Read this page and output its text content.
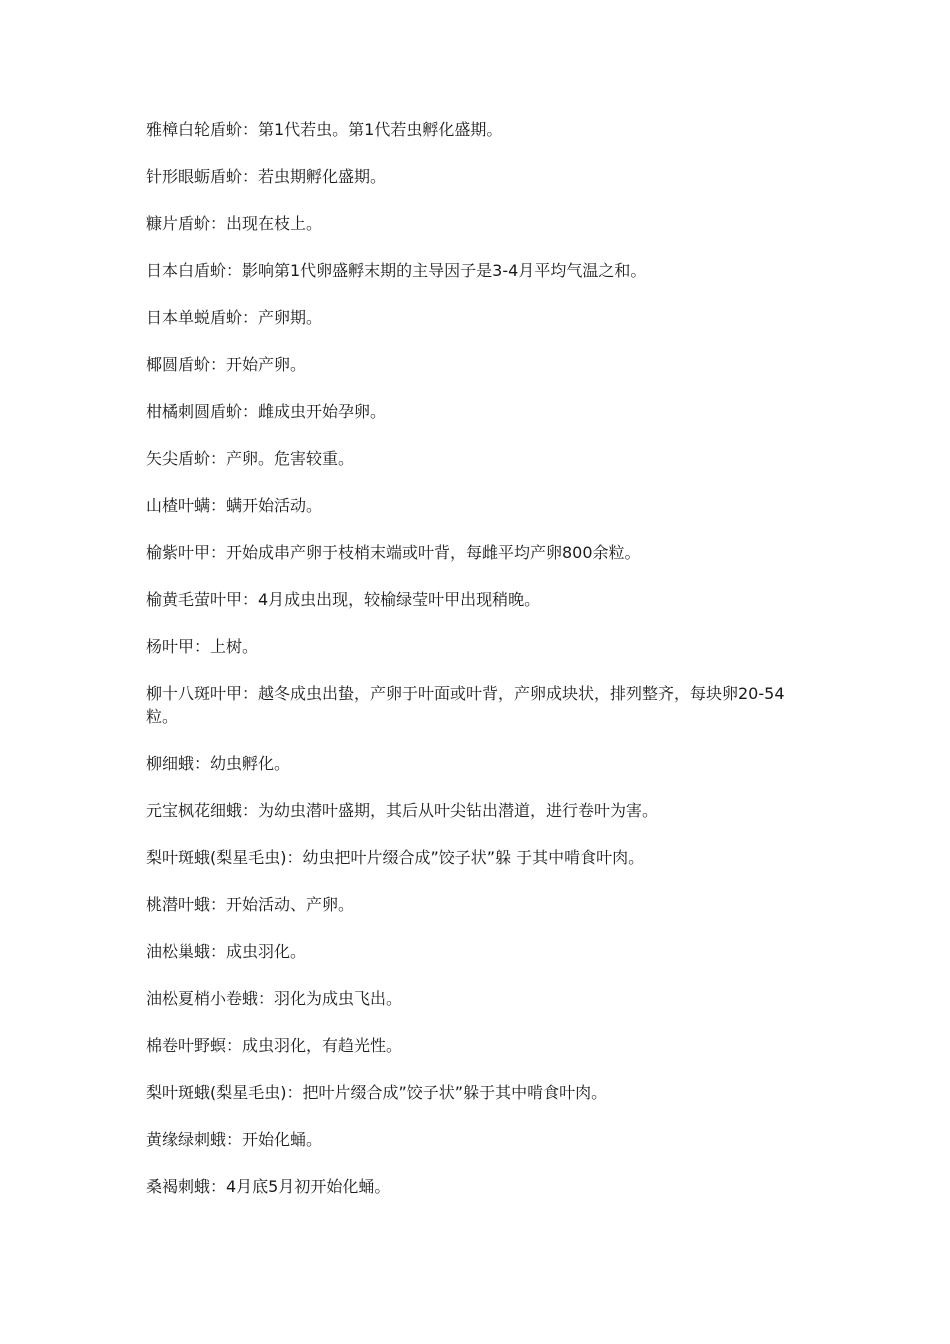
雅樟白轮盾蚧：第1代若虫。第1代若虫孵化盛期。
针形眼蛎盾蚧：若虫期孵化盛期。
糠片盾蚧：出现在枝上。
日本白盾蚧：影响第1代卵盛孵末期的主导因子是3-4月平均气温之和。
日本单蜕盾蚧：产卵期。
椰圆盾蚧：开始产卵。
柑橘刺圆盾蚧：雌成虫开始孕卵。
矢尖盾蚧：产卵。危害较重。
山楂叶螨：螨开始活动。
榆紫叶甲：开始成串产卵于枝梢末端或叶背，每雌平均产卵800余粒。
榆黄毛萤叶甲：4月成虫出现，较榆绿莹叶甲出现稍晚。
杨叶甲：上树。
柳十八斑叶甲：越冬成虫出蛰，产卵于叶面或叶背，产卵成块状，排列整齐，每块卵20-54粒。
柳细蛾：幼虫孵化。
元宝枫花细蛾：为幼虫潜叶盛期，其后从叶尖钻出潜道，进行卷叶为害。
梨叶斑蛾(梨星毛虫)：幼虫把叶片缀合成”饺子状”躲 于其中啃食叶肉。
桃潜叶蛾：开始活动、产卵。
油松巢蛾：成虫羽化。
油松夏梢小卷蛾：羽化为成虫飞出。
棉卷叶野螟：成虫羽化，有趋光性。
梨叶斑蛾(梨星毛虫)：把叶片缀合成”饺子状”躲于其中啃食叶肉。
黄缘绿刺蛾：开始化蛹。
桑褐刺蛾：4月底5月初开始化蛹。
